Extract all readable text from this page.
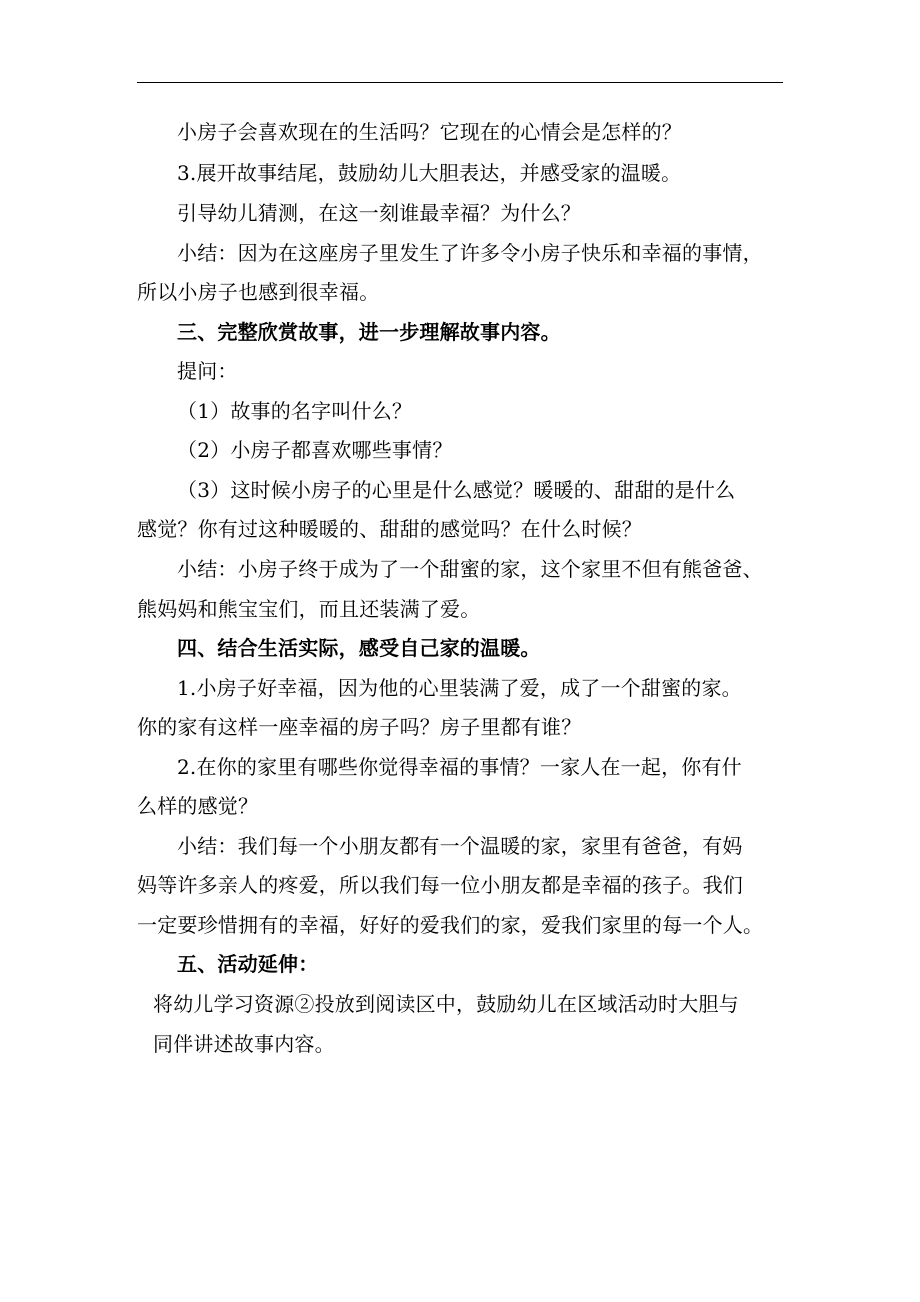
小房子会喜欢现在的生活吗？它现在的心情会是怎样的？
3.展开故事结尾，鼓励幼儿大胆表达，并感受家的温暖。
引导幼儿猜测，在这一刻谁最幸福？为什么？
小结：因为在这座房子里发生了许多令小房子快乐和幸福的事情，
所以小房子也感到很幸福。
三、完整欣赏故事，进一步理解故事内容。
提问：
（1）故事的名字叫什么？
（2）小房子都喜欢哪些事情？
（3）这时候小房子的心里是什么感觉？暖暖的、甜甜的是什么
感觉？你有过这种暖暖的、甜甜的感觉吗？在什么时候？
小结：小房子终于成为了一个甜蜜的家，这个家里不但有熊爸爸、
熊妈妈和熊宝宝们，而且还装满了爱。
四、结合生活实际，感受自己家的温暖。
1.小房子好幸福，因为他的心里装满了爱，成了一个甜蜜的家。
你的家有这样一座幸福的房子吗？房子里都有谁？
2.在你的家里有哪些你觉得幸福的事情？一家人在一起，你有什
么样的感觉？
小结：我们每一个小朋友都有一个温暖的家，家里有爸爸，有妈
妈等许多亲人的疼爱，所以我们每一位小朋友都是幸福的孩子。我们
一定要珍惜拥有的幸福，好好的爱我们的家，爱我们家里的每一个人。
五、活动延伸：
将幼儿学习资源②投放到阅读区中，鼓励幼儿在区域活动时大胆与
同伴讲述故事内容。
